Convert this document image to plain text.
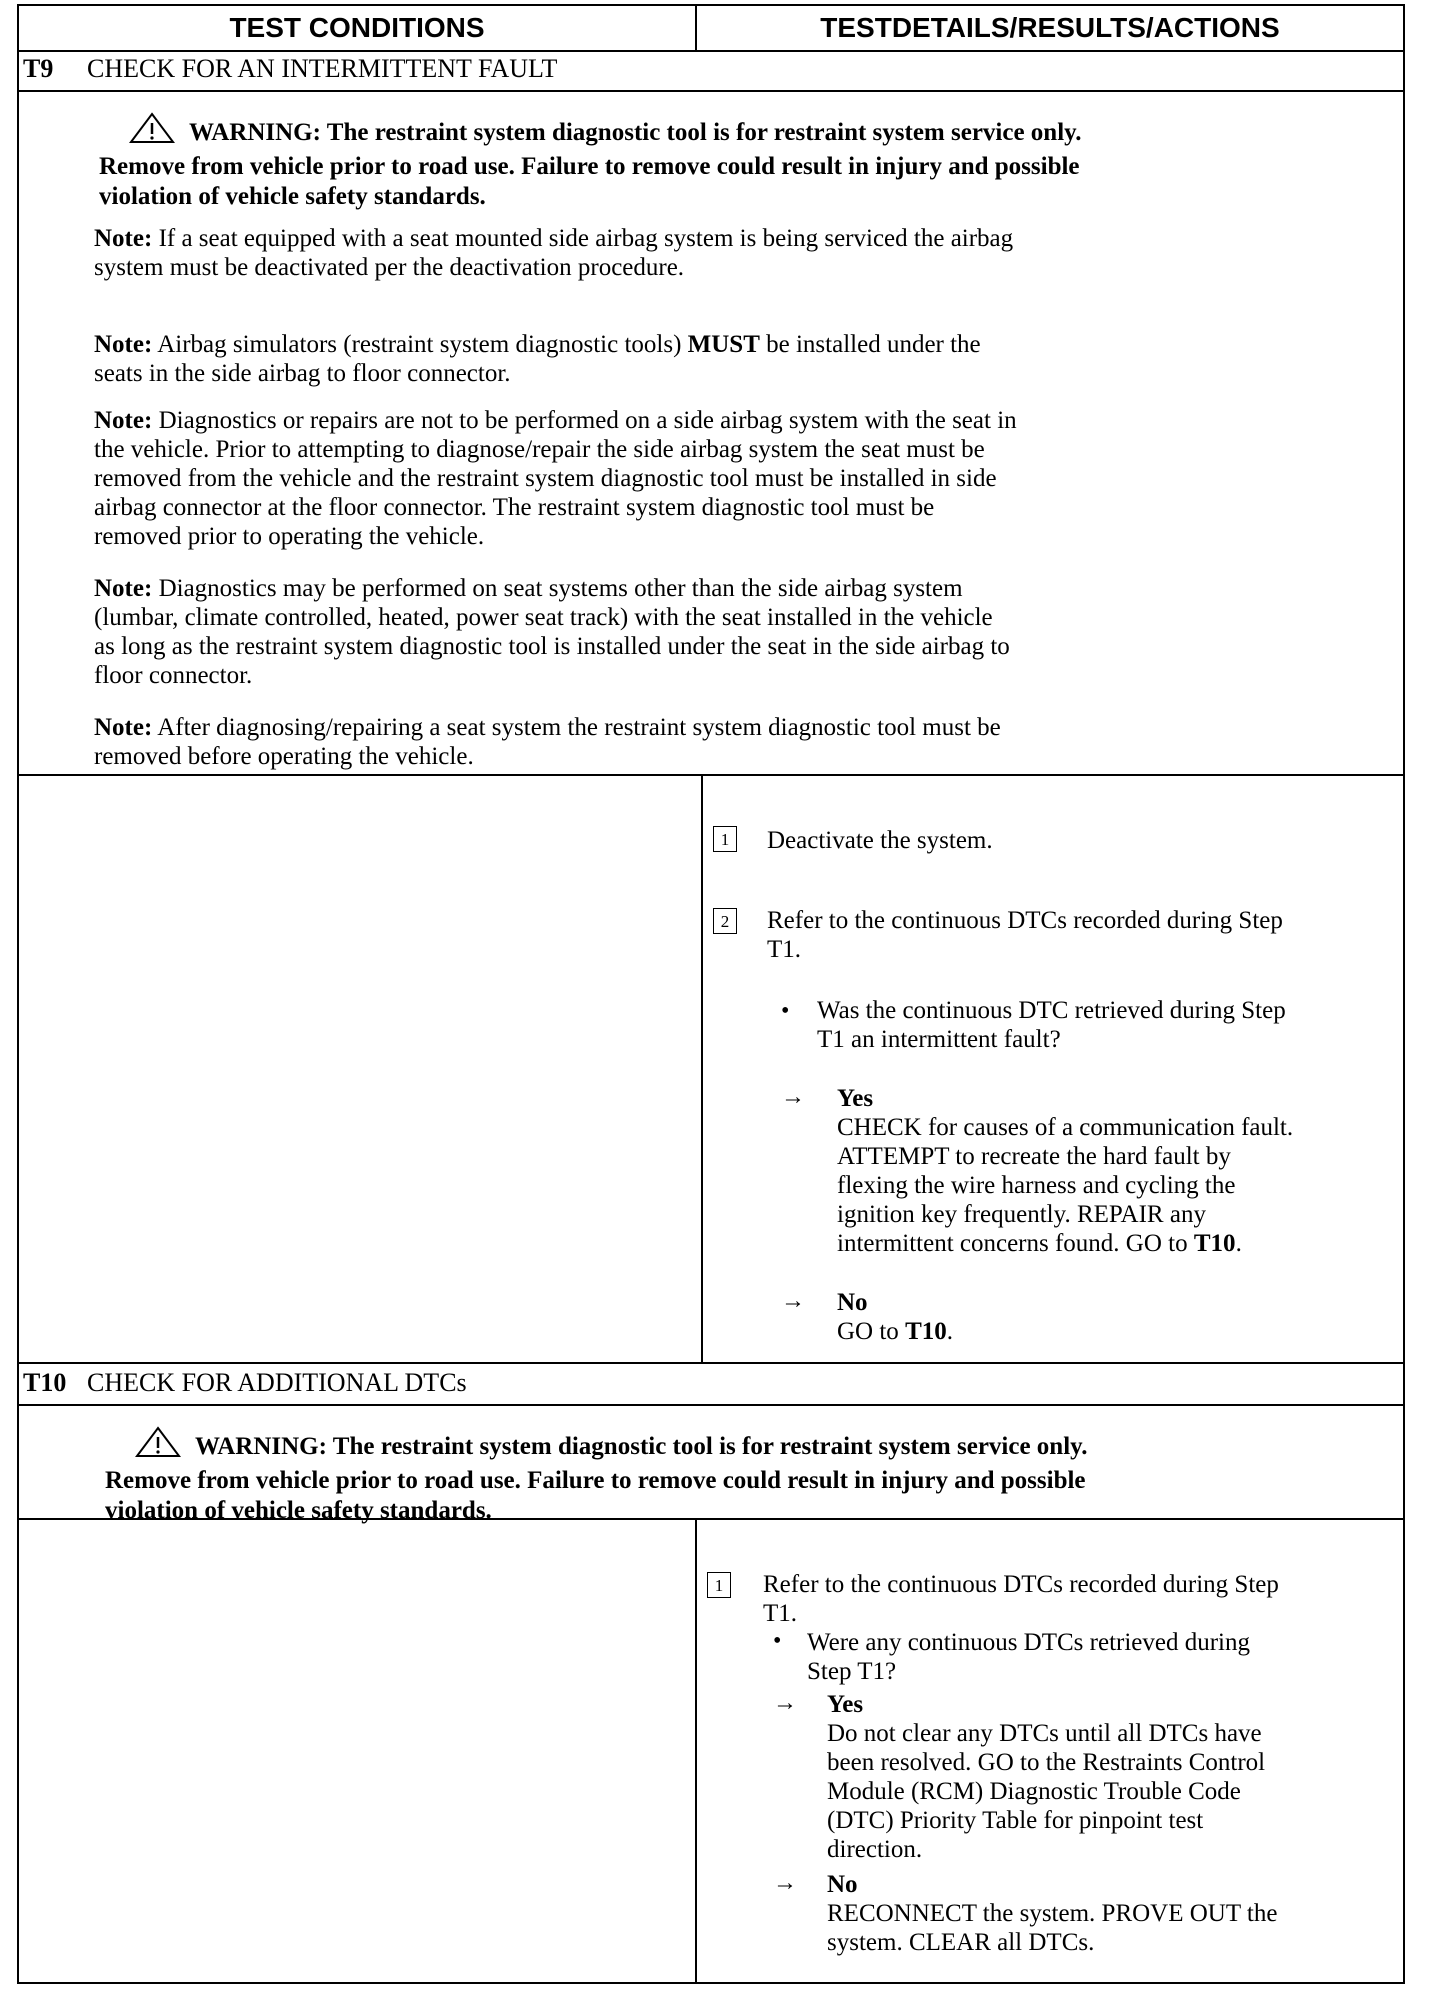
TEST CONDITIONS	TESTDETAILS/RESULTS/ACTIONS
T9 CHECK FOR AN INTERMITTENT FAULT
WARNING: The restraint system diagnostic tool is for restraint system service only.
Remove from vehicle prior to road use. Failure to remove could result in injury and possible
violation of vehicle safety standards.
Note: If a seat equipped with a seat mounted side airbag system is being serviced the airbag
system must be deactivated per the deactivation procedure.
Note: Airbag simulators (restraint system diagnostic tools) MUST be installed under the
seats in the side airbag to floor connector.
Note: Diagnostics or repairs are not to be performed on a side airbag system with the seat in
the vehicle. Prior to attempting to diagnose/repair the side airbag system the seat must be
removed from the vehicle and the restraint system diagnostic tool must be installed in side
airbag connector at the floor connector. The restraint system diagnostic tool must be
removed prior to operating the vehicle.
Note: Diagnostics may be performed on seat systems other than the side airbag system
(lumbar, climate controlled, heated, power seat track) with the seat installed in the vehicle
as long as the restraint system diagnostic tool is installed under the seat in the side airbag to
floor connector.
Note: After diagnosing/repairing a seat system the restraint system diagnostic tool must be
removed before operating the vehicle.
1	Deactivate the system.
2	Refer to the continuous DTCs recorded during Step
T1.
• Was the continuous DTC retrieved during Step
T1 an intermittent fault?
→ Yes
CHECK for causes of a communication fault.
ATTEMPT to recreate the hard fault by
flexing the wire harness and cycling the
ignition key frequently. REPAIR any
intermittent concerns found. GO to T10.
→ No
GO to T10.
T10 CHECK FOR ADDITIONAL DTCs
WARNING: The restraint system diagnostic tool is for restraint system service only.
Remove from vehicle prior to road use. Failure to remove could result in injury and possible
violation of vehicle safety standards.
1	Refer to the continuous DTCs recorded during Step
T1.
• Were any continuous DTCs retrieved during
Step T1?
→ Yes
Do not clear any DTCs until all DTCs have
been resolved. GO to the Restraints Control
Module (RCM) Diagnostic Trouble Code
(DTC) Priority Table for pinpoint test
direction.
→ No
RECONNECT the system. PROVE OUT the
system. CLEAR all DTCs.
